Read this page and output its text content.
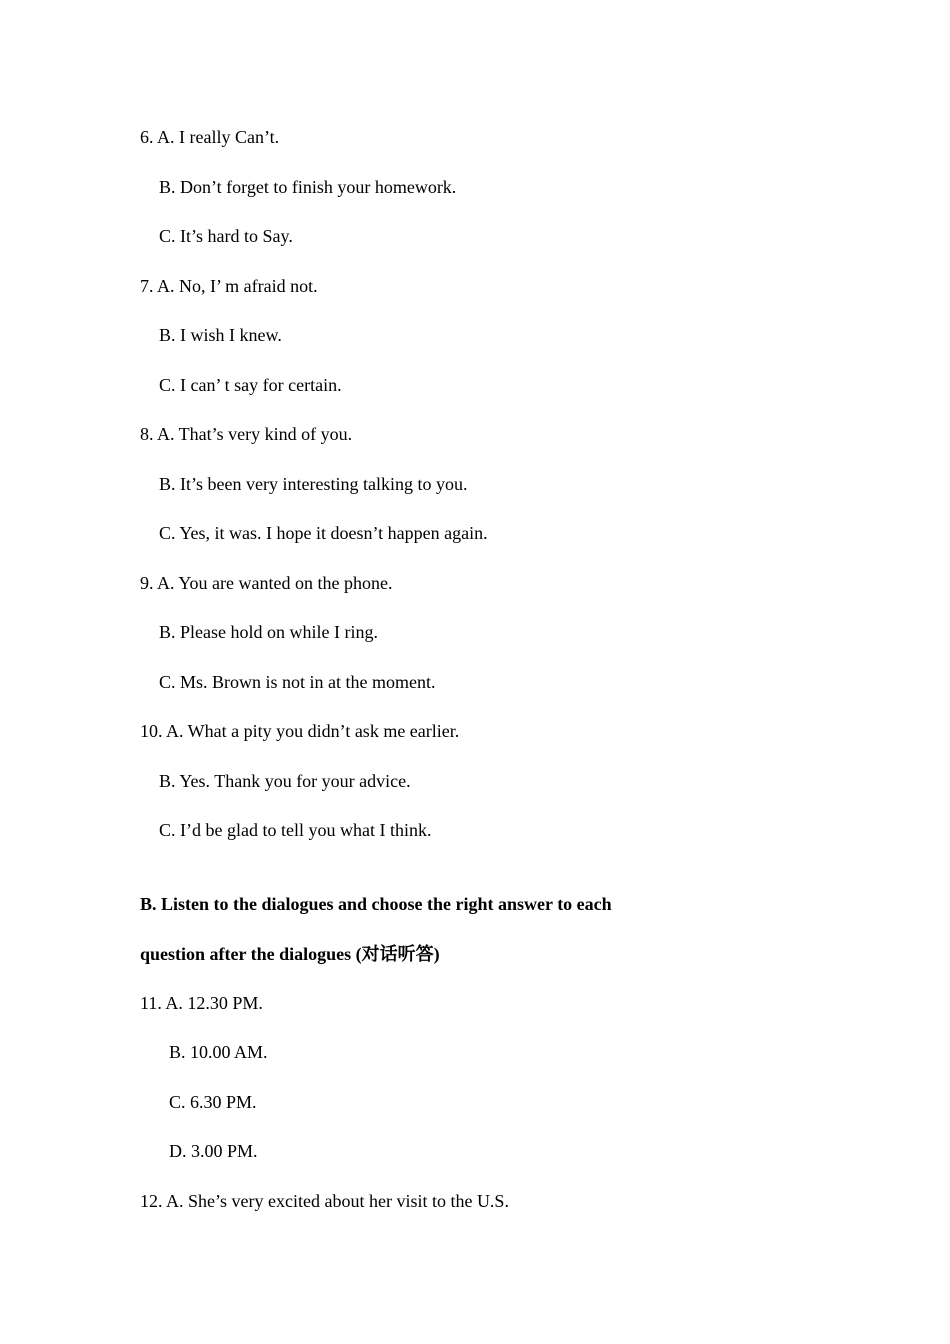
6. A. I really Can’t.
B. Don’t forget to finish your homework.
C. It’s hard to Say.
7. A. No, I’ m afraid not.
B. I wish I knew.
C. I can’ t say for certain.
8. A. That’s very kind of you.
B. It’s been very interesting talking to you.
C. Yes, it was. I hope it doesn’t happen again.
9. A. You are wanted on the phone.
B. Please hold on while I ring.
C. Ms. Brown is not in at the moment.
10. A. What a pity you didn’t ask me earlier.
B. Yes. Thank you for your advice.
C. I’d be glad to tell you what I think.
B. Listen to the dialogues and choose the right answer to each
question after the dialogues (对话听答)
11. A. 12.30 PM.
B. 10.00 AM.
C. 6.30 PM.
D. 3.00 PM.
12. A. She’s very excited about her visit to the U.S.
